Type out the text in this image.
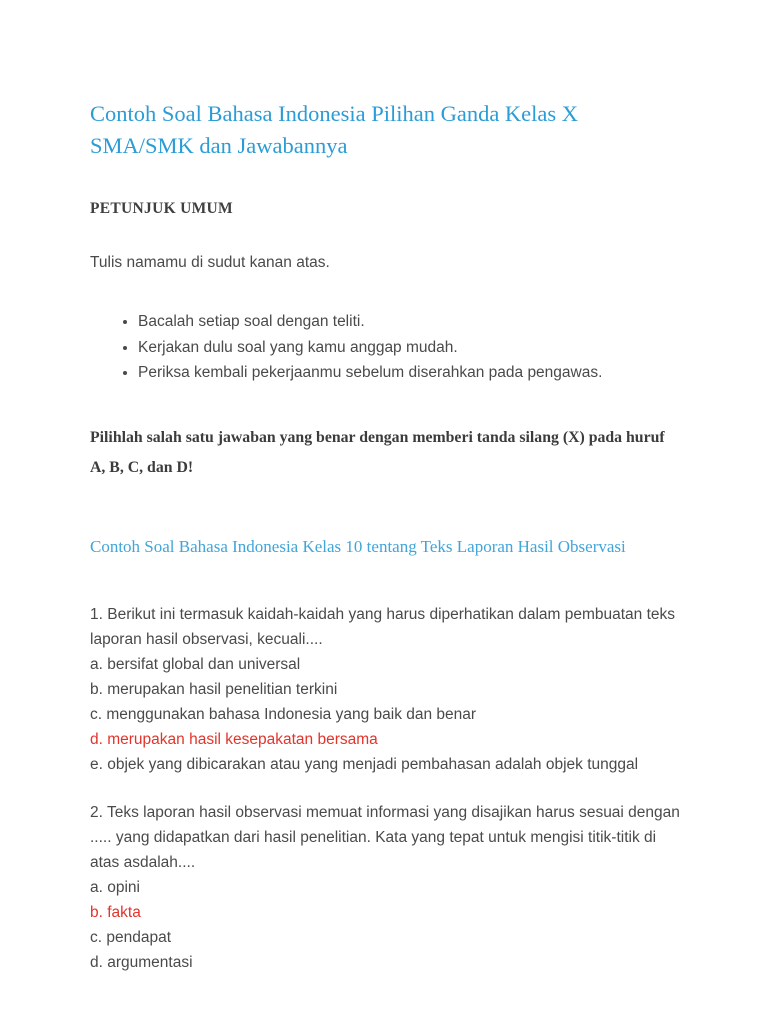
Contoh Soal Bahasa Indonesia Pilihan Ganda Kelas X SMA/SMK dan Jawabannya
PETUNJUK UMUM

Tulis namamu di sudut kanan atas.

• Bacalah setiap soal dengan teliti.
• Kerjakan dulu soal yang kamu anggap mudah.
• Periksa kembali pekerjaanmu sebelum diserahkan pada pengawas.

Pilihlah salah satu jawaban yang benar dengan memberi tanda silang (X) pada huruf A, B, C, dan D!

Contoh Soal Bahasa Indonesia Kelas 10 tentang Teks Laporan Hasil Observasi

1. Berikut ini termasuk kaidah-kaidah yang harus diperhatikan dalam pembuatan teks laporan hasil observasi, kecuali....

a. bersifat global dan universal

b. merupakan hasil penelitian terkini

c. menggunakan bahasa Indonesia yang baik dan benar

d. merupakan hasil kesepakatan bersama

e. objek yang dibicarakan atau yang menjadi pembahasan adalah objek tunggal

2. Teks laporan hasil observasi memuat informasi yang disajikan harus sesuai dengan ..... yang didapatkan dari hasil penelitian. Kata yang tepat untuk mengisi titik-titik di atas asdalah....

a. opini

b. fakta

c. pendapat

d. argumentasi
